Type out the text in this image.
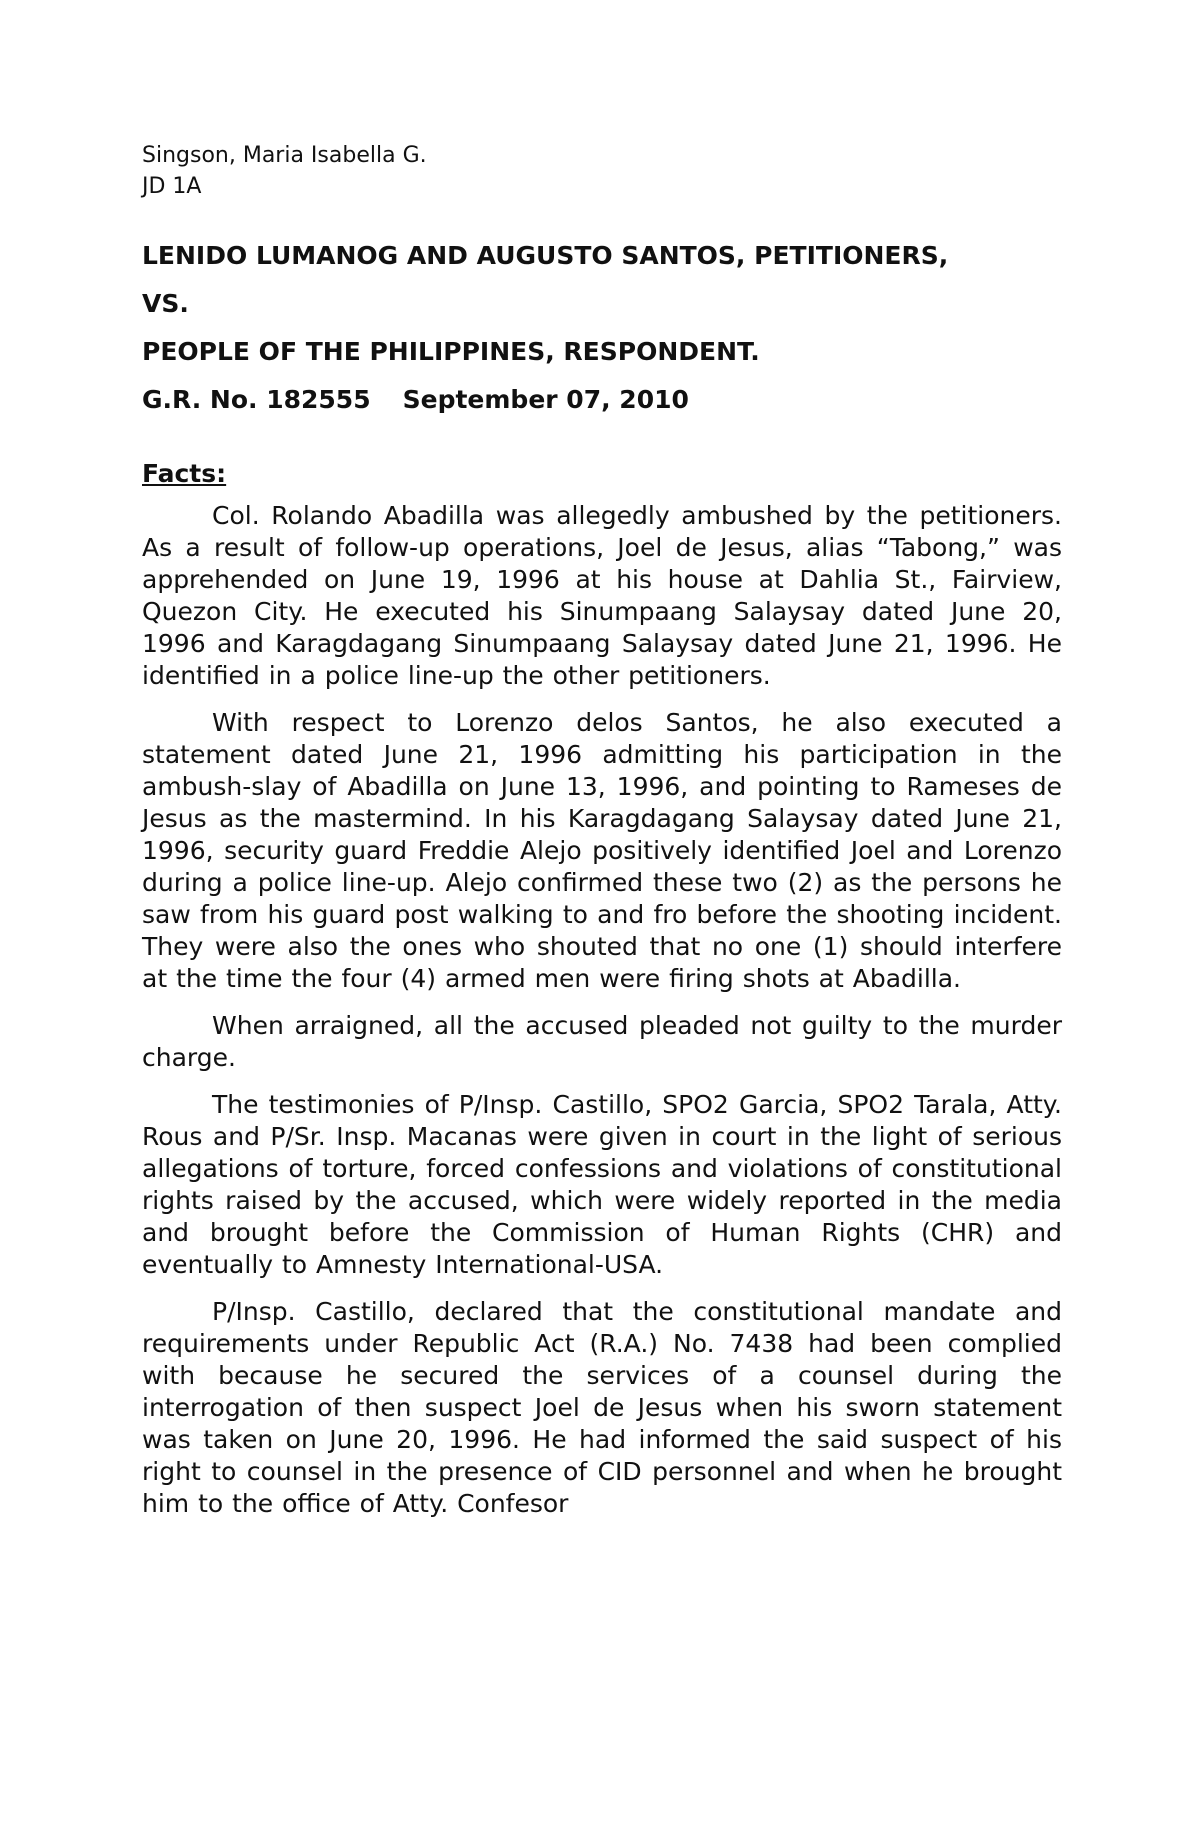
Singson, Maria Isabella G.

JD 1A

LENIDO LUMANOG AND AUGUSTO SANTOS, PETITIONERS,

VS.

PEOPLE OF THE PHILIPPINES, RESPONDENT.

G.R. No. 182555 September 07, 2010

Facts:

Col. Rolando Abadilla was allegedly ambushed by the petitioners. As a result of follow-up operations, Joel de Jesus, alias “Tabong,” was apprehended on June 19, 1996 at his house at Dahlia St., Fairview, Quezon City. He executed his Sinumpaang Salaysay dated June 20, 1996 and Karagdagang Sinumpaang Salaysay dated June 21, 1996. He identified in a police line-up the other petitioners.

With respect to Lorenzo delos Santos, he also executed a statement dated June 21, 1996 admitting his participation in the ambush-slay of Abadilla on June 13, 1996, and pointing to Rameses de Jesus as the mastermind. In his Karagdagang Salaysay dated June 21, 1996, security guard Freddie Alejo positively identified Joel and Lorenzo during a police line-up. Alejo confirmed these two (2) as the persons he saw from his guard post walking to and fro before the shooting incident. They were also the ones who shouted that no one (1) should interfere at the time the four (4) armed men were firing shots at Abadilla.

When arraigned, all the accused pleaded not guilty to the murder charge.

The testimonies of P/Insp. Castillo, SPO2 Garcia, SPO2 Tarala, Atty. Rous and P/Sr. Insp. Macanas were given in court in the light of serious allegations of torture, forced confessions and violations of constitutional rights raised by the accused, which were widely reported in the media and brought before the Commission of Human Rights (CHR) and eventually to Amnesty International-USA.

P/Insp. Castillo, declared that the constitutional mandate and requirements under Republic Act (R.A.) No. 7438 had been complied with because he secured the services of a counsel during the interrogation of then suspect Joel de Jesus when his sworn statement was taken on June 20, 1996. He had informed the said suspect of his right to counsel in the presence of CID personnel and when he brought him to the office of Atty. Confesor
